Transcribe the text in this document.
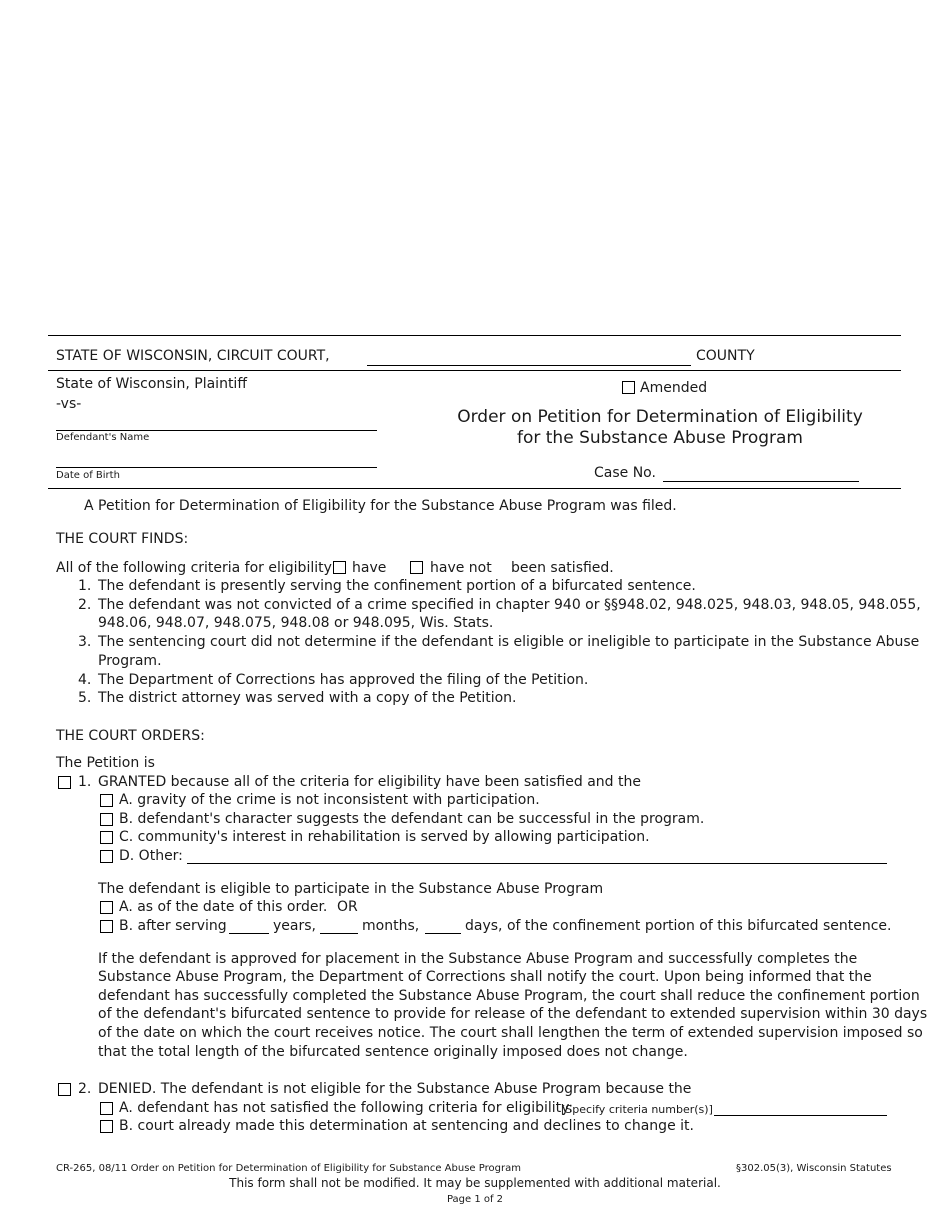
STATE OF WISCONSIN, CIRCUIT COURT,	COUNTY
State of Wisconsin, Plaintiff
-vs-
Defendant's Name
Date of Birth
Amended
Order on Petition for Determination of Eligibility
for the Substance Abuse Program
Case No.
A Petition for Determination of Eligibility for the Substance Abuse Program was filed.
THE COURT FINDS:
All of the following criteria for eligibility have	have not been satisfied.
1. The defendant is presently serving the confinement portion of a bifurcated sentence.
2. The defendant was not convicted of a crime specified in chapter 940 or §§948.02, 948.025, 948.03, 948.05, 948.055,
948.06, 948.07, 948.075, 948.08 or 948.095, Wis. Stats.
3. The sentencing court did not determine if the defendant is eligible or ineligible to participate in the Substance Abuse
Program.
4. The Department of Corrections has approved the filing of the Petition.
5. The district attorney was served with a copy of the Petition.
THE COURT ORDERS:
The Petition is
1. GRANTED because all of the criteria for eligibility have been satisfied and the
A. gravity of the crime is not inconsistent with participation.
B. defendant's character suggests the defendant can be successful in the program.
C. community's interest in rehabilitation is served by allowing participation.
D. Other:
The defendant is eligible to participate in the Substance Abuse Program
A. as of the date of this order. OR
B. after serving	years,	months,	days, of the confinement portion of this bifurcated sentence.
If the defendant is approved for placement in the Substance Abuse Program and successfully completes the
Substance Abuse Program, the Department of Corrections shall notify the court. Upon being informed that the
defendant has successfully completed the Substance Abuse Program, the court shall reduce the confinement portion
of the defendant's bifurcated sentence to provide for release of the defendant to extended supervision within 30 days
of the date on which the court receives notice. The court shall lengthen the term of extended supervision imposed so
that the total length of the bifurcated sentence originally imposed does not change.
2. DENIED. The defendant is not eligible for the Substance Abuse Program because the
A. defendant has not satisfied the following criteria for eligibility:
[Specify criteria number(s)]
B. court already made this determination at sentencing and declines to change it.
CR-265, 08/11 Order on Petition for Determination of Eligibility for Substance Abuse Program	§302.05(3), Wisconsin Statutes
This form shall not be modified. It may be supplemented with additional material.
Page 1 of 2
